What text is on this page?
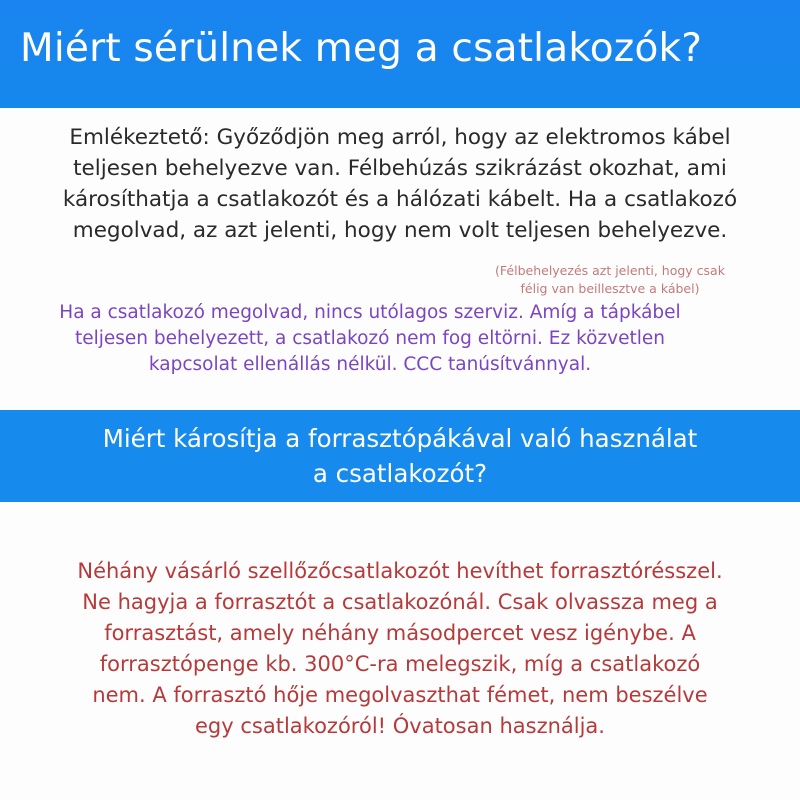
Miért sérülnek meg a csatlakozók?
Emlékeztető: Győződjön meg arról, hogy az elektromos kábel
teljesen behelyezve van. Félbehúzás szikrázást okozhat, ami
károsíthatja a csatlakozót és a hálózati kábelt. Ha a csatlakozó
megolvad, az azt jelenti, hogy nem volt teljesen behelyezve.
(Félbehelyezés azt jelenti, hogy csak
félig van beillesztve a kábel)
Ha a csatlakozó megolvad, nincs utólagos szerviz. Amíg a tápkábel
teljesen behelyezett, a csatlakozó nem fog eltörni. Ez közvetlen
kapcsolat ellenállás nélkül. CCC tanúsítvánnyal.
Miért károsítja a forrasztópákával való használat
a csatlakozót?
Néhány vásárló szellőzőcsatlakozót hevíthet forrasztórésszel.
Ne hagyja a forrasztót a csatlakozónál. Csak olvassza meg a
forrasztást, amely néhány másodpercet vesz igénybe. A
forrasztópenge kb. 300°C-ra melegszik, míg a csatlakozó
nem. A forrasztó hője megolvaszthat fémet, nem beszélve
egy csatlakozóról! Óvatosan használja.
